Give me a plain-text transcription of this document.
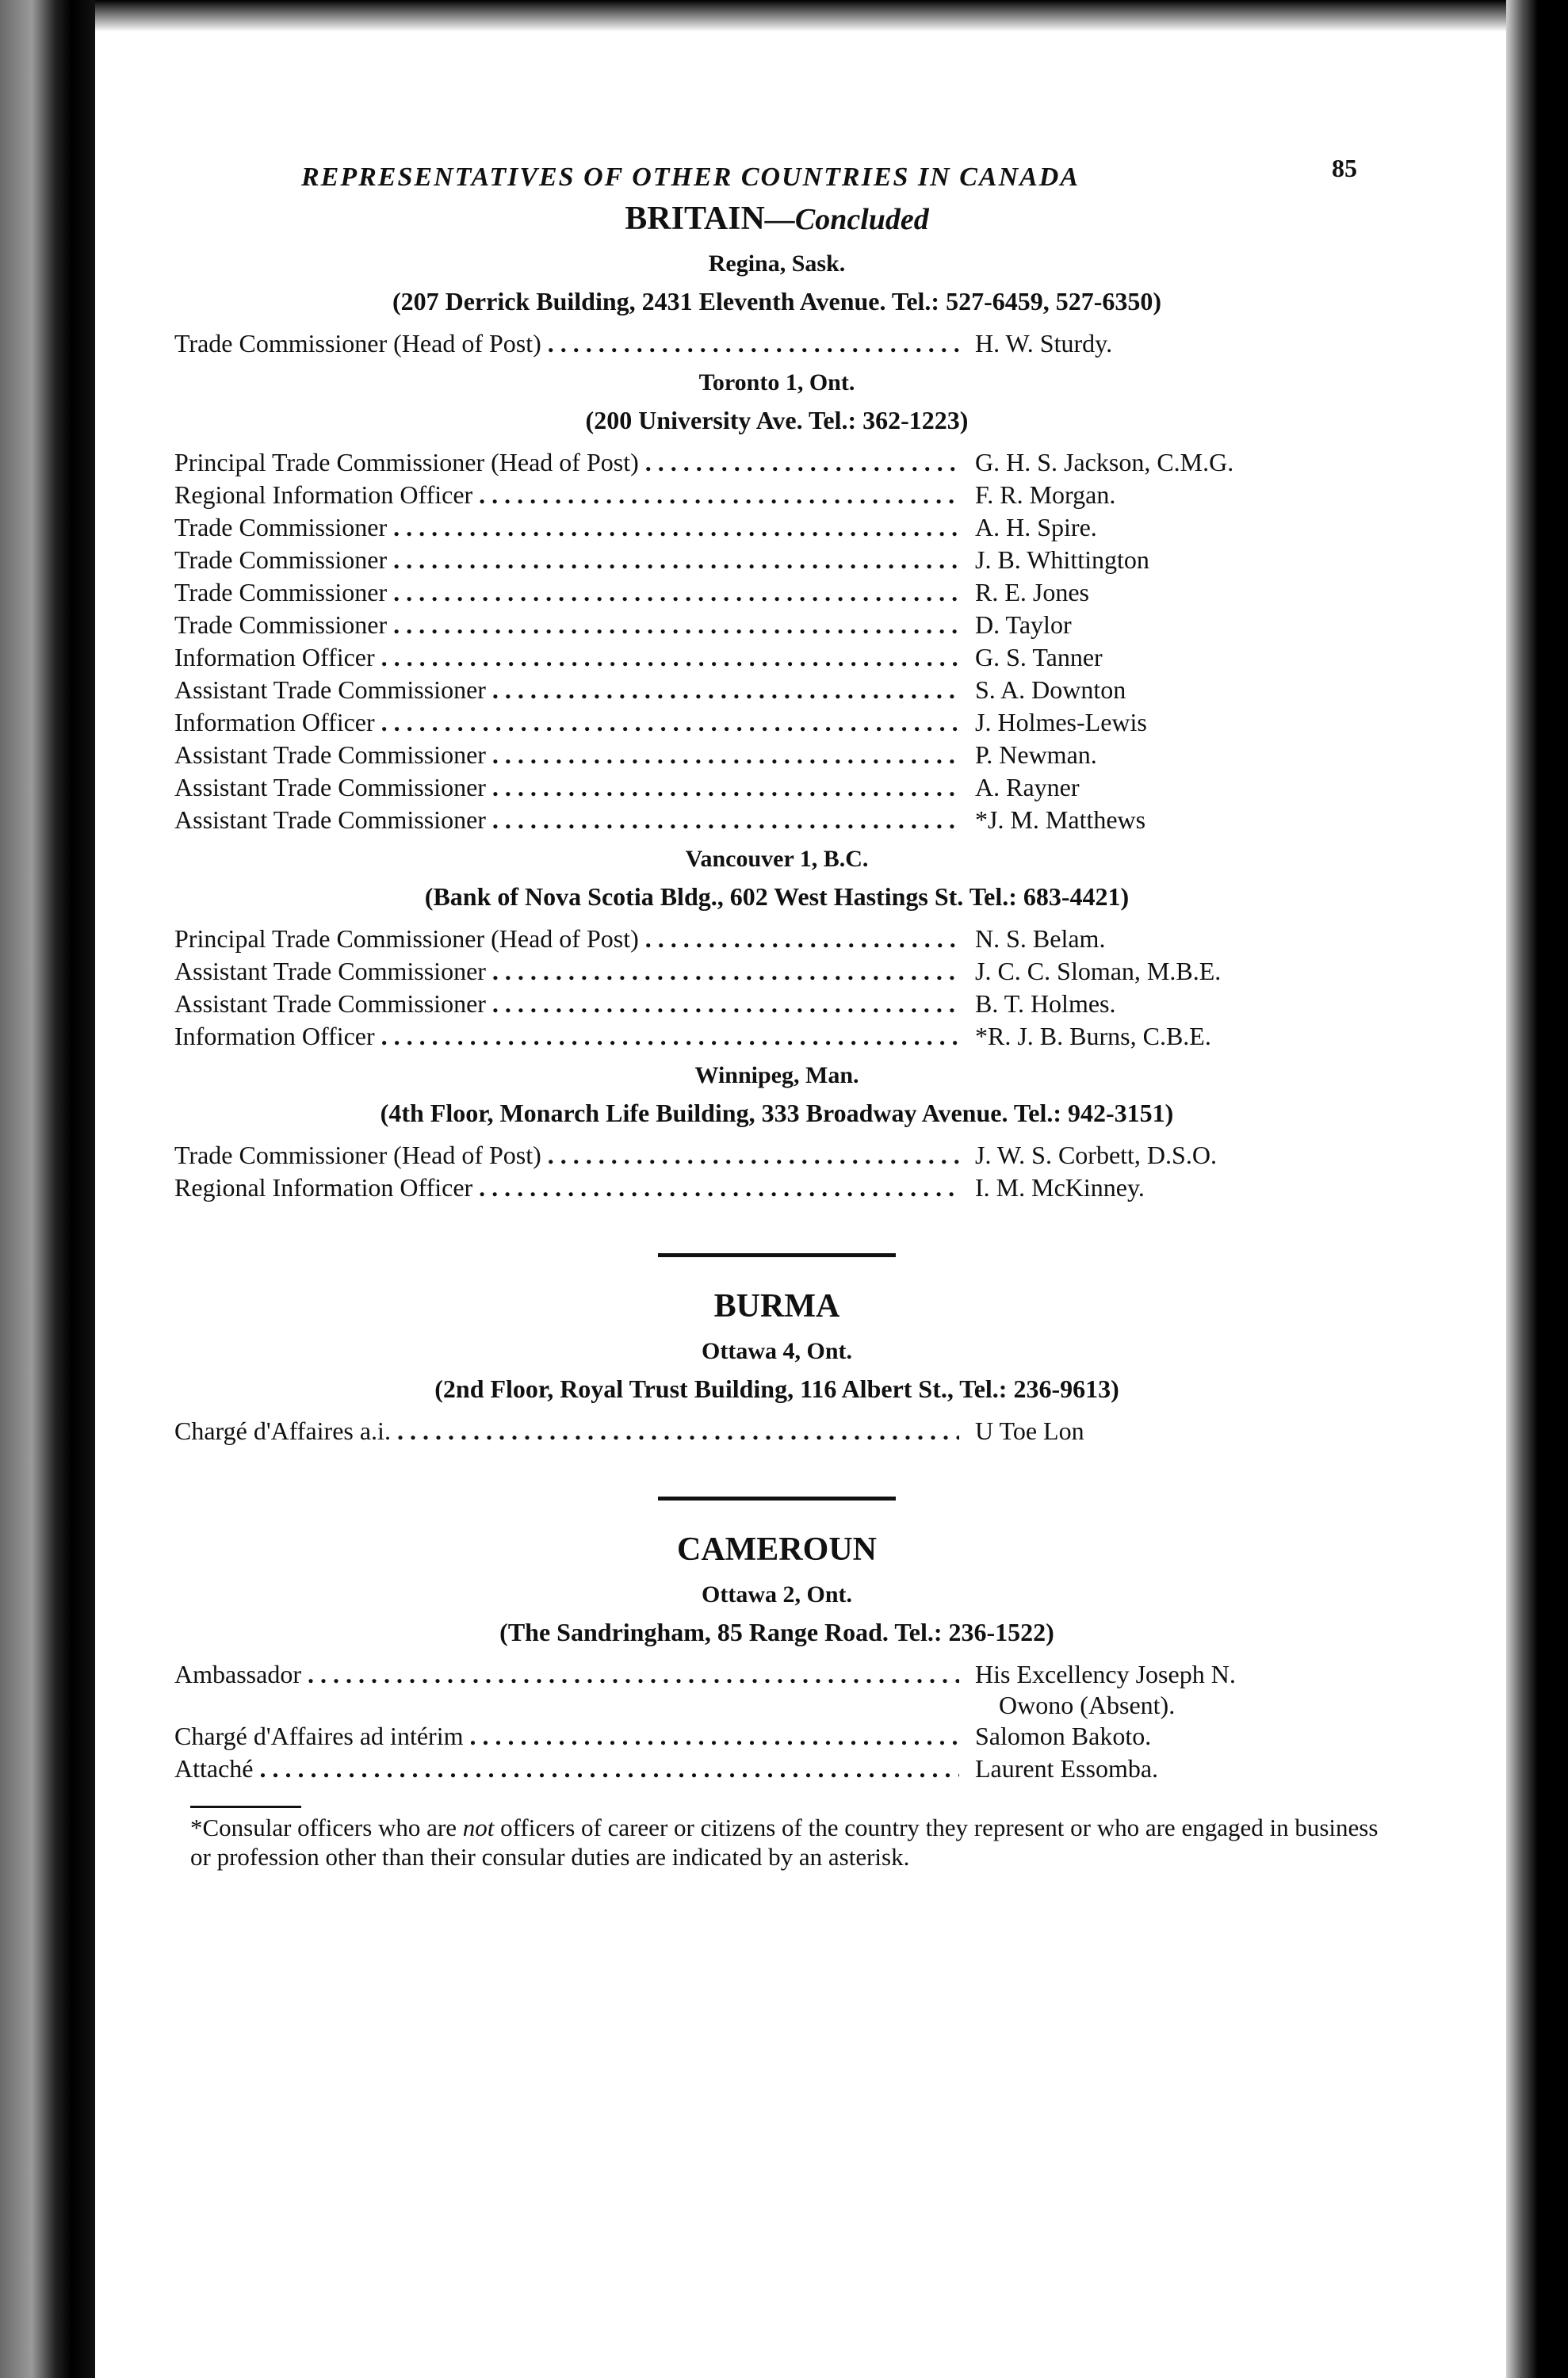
REPRESENTATIVES OF OTHER COUNTRIES IN CANADA	85
BRITAIN—Concluded
Regina, Sask.
(207 Derrick Building, 2431 Eleventh Avenue. Tel.: 527-6459, 527-6350)
Trade Commissioner (Head of Post) . . .	H. W. Sturdy.
Toronto 1, Ont.
(200 University Ave. Tel.: 362-1223)
Principal Trade Commissioner (Head of Post) . . .	G. H. S. Jackson, C.M.G.
Regional Information Officer . . .	F. R. Morgan.
Trade Commissioner . . .	A. H. Spire.
Trade Commissioner . . .	J. B. Whittington
Trade Commissioner . . .	R. E. Jones
Trade Commissioner . . .	D. Taylor
Information Officer . . .	G. S. Tanner
Assistant Trade Commissioner . . .	S. A. Downton
Information Officer . . .	J. Holmes-Lewis
Assistant Trade Commissioner . . .	P. Newman.
Assistant Trade Commissioner . . .	A. Rayner
Assistant Trade Commissioner . . .	*J. M. Matthews
Vancouver 1, B.C.
(Bank of Nova Scotia Bldg., 602 West Hastings St. Tel.: 683-4421)
Principal Trade Commissioner (Head of Post) . . .	N. S. Belam.
Assistant Trade Commissioner . . .	J. C. C. Sloman, M.B.E.
Assistant Trade Commissioner . . .	B. T. Holmes.
Information Officer . . .	*R. J. B. Burns, C.B.E.
Winnipeg, Man.
(4th Floor, Monarch Life Building, 333 Broadway Avenue. Tel.: 942-3151)
Trade Commissioner (Head of Post) . . .	J. W. S. Corbett, D.S.O.
Regional Information Officer . . .	I. M. McKinney.
BURMA
Ottawa 4, Ont.
(2nd Floor, Royal Trust Building, 116 Albert St., Tel.: 236-9613)
Chargé d'Affaires a.i. . . .	U Toe Lon
CAMEROUN
Ottawa 2, Ont.
(The Sandringham, 85 Range Road. Tel.: 236-1522)
Ambassador . . .	His Excellency Joseph N.
Owono (Absent).
Chargé d'Affaires ad intérim . . .	Salomon Bakoto.
Attaché . . .	Laurent Essomba.
*Consular officers who are not officers of career or citizens of the country they represent or who are engaged in business or profession other than their consular duties are indicated by an asterisk.
